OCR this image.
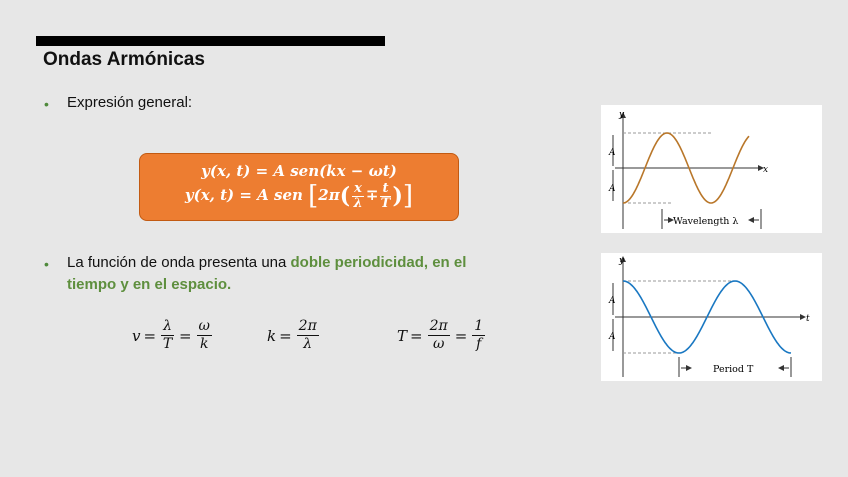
Ondas Armónicas
• Expresión general:
y(x, t) = A sen(kx − ωt)
y(x, t) = A sen [$2\pi( \frac{x}{\lambda} \mp \frac{t}{T}$ )]
• La función de onda presenta una doble periodicidad, en el
tiempo y en el espacio.
$v = \frac{\lambda}{T} = \frac{\omega}{k}$	$k = \frac{2\pi}{\lambda}$	$T = \frac{2\pi}{\omega} = \frac{1}{f}$
A
A
y
x
Wavelength λ
A
A
y
t
Period T
